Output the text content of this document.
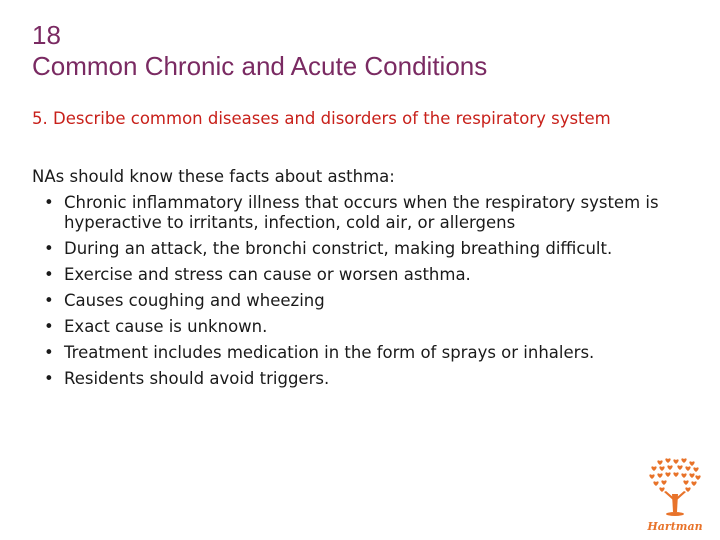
18
Common Chronic and Acute Conditions
5. Describe common diseases and disorders of the respiratory system
NAs should know these facts about asthma:
• Chronic inflammatory illness that occurs when the respiratory system is hyperactive to irritants, infection, cold air, or allergens
• During an attack, the bronchi constrict, making breathing difficult.
• Exercise and stress can cause or worsen asthma.
• Causes coughing and wheezing
• Exact cause is unknown.
• Treatment includes medication in the form of sprays or inhalers.
• Residents should avoid triggers.
Hartman
